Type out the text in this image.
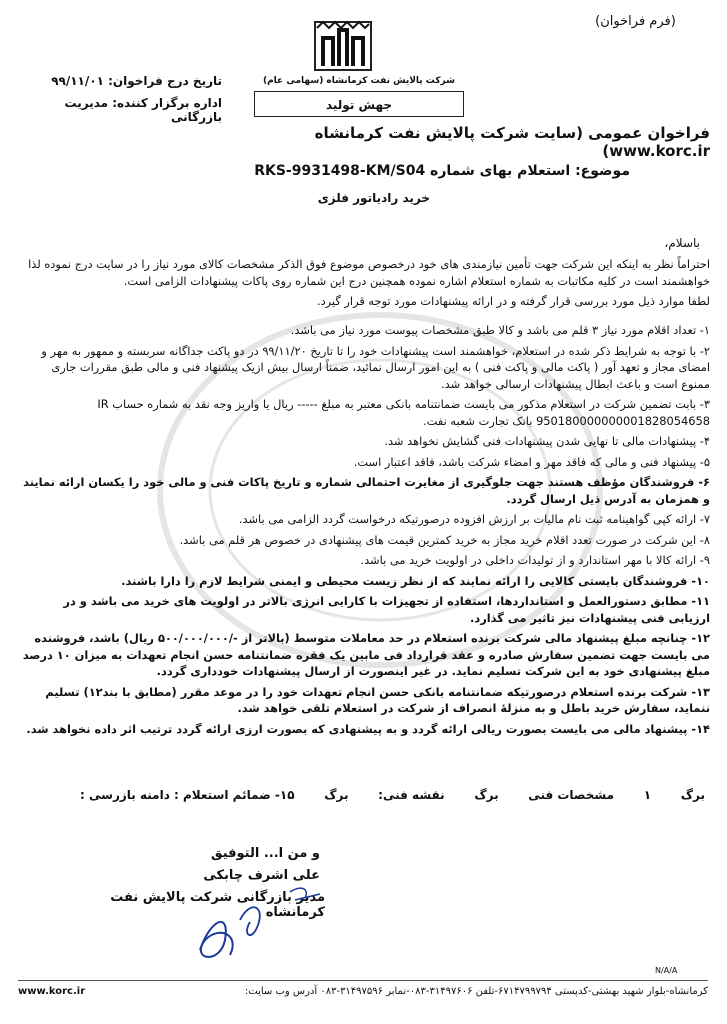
(فرم فراخوان)
شرکت پالایش نفت کرمانشاه (سهامی عام)
جهش تولید
تاریخ درج فراخوان: ۹۹/۱۱/۰۱
اداره برگزار کننده: مدیریت بازرگانی
فراخوان عمومی (سایت شرکت پالایش نفت کرمانشاه www.korc.ir)
موضوع: استعلام بهای شماره RKS-9931498-KM/S04
خرید رادیاتور فلزی
باسلام،

احتراماً نظر به اینکه این شرکت جهت تأمین نیازمندی های خود درخصوص موضوع فوق الذکر مشخصات کالای مورد نیاز را در سایت درج نموده لذا خواهشمند است در کلیه مکاتبات به شماره استعلام اشاره نموده همچنین درج این شماره روی پاکات پیشنهادات الزامی است.

لطفا موارد ذیل مورد بررسی قرار گرفته و در ارائه پیشنهادات مورد توجه قرار گیرد.

۱- تعداد اقلام مورد نیاز ۳ قلم می باشد و کالا طبق مشخصات پیوست مورد نیاز می باشد.

۲- با توجه به شرایط ذکر شده در استعلام، خواهشمند است پیشنهادات خود را تا تاریخ ۹۹/۱۱/۲۰ در دو پاکت جداگانه سربسته و ممهور به مهر و امضای مجاز و تعهد آور ( پاکت مالی و پاکت فنی ) به این امور ارسال نمائید، ضمناً ارسال بیش ازیک پیشنهاد فنی و مالی طبق مقررات جاری ممنوع است و باعث ابطال پیشنهادات ارسالی خواهد شد.

۳- بابت تضمین شرکت در استعلام مذکور می بایست ضمانتنامه بانکی معتبر به مبلغ ----- ریال یا واریز وجه نقد به شماره حساب IR 950180000000001828054658 بانک تجارت شعبه نفت.

۴- پیشنهادات مالی تا نهایی شدن پیشنهادات فنی گشایش نخواهد شد.

۵- پیشنهاد فنی و مالی که فاقد مهر و امضاء شرکت باشد، فاقد اعتبار است.

۶- فروشندگان مؤظف هستند جهت جلوگیری از مغایرت احتمالی شماره و تاریخ پاکات فنی و مالی خود را یکسان ارائه نمایند و همزمان به آدرس ذیل ارسال گردد.

۷- ارائه کپی گواهینامه ثبت نام مالیات بر ارزش افزوده درصورتیکه درخواست گردد الزامی می باشد.

۸- این شرکت در صورت تعدد اقلام خرید مجاز به خرید کمترین قیمت های پیشنهادی در خصوص هر قلم می باشد.

۹- ارائه کالا با مهر استاندارد و از تولیدات داخلی در اولویت خرید می باشد.

۱۰- فروشندگان بایستی کالایی را ارائه نمایند که از نظر زیست محیطی و ایمنی شرایط لازم را دارا باشند.

۱۱- مطابق دستورالعمل و استانداردها، استفاده از تجهیزات با کارایی انرژی بالاتر در اولویت های خرید می باشد و در ارزیابی فنی پیشنهادات نیز تاثیر می گذارد.

۱۲- چنانچه مبلغ پیشنهاد مالی شرکت برنده استعلام در حد معاملات متوسط (بالاتر از -/۵۰۰/۰۰۰/۰۰۰ ریال) باشد، فروشنده می بایست جهت تضمین سفارش صادره و عقد قرارداد فی مابین یک فقره ضمانتنامه حسن انجام تعهدات به میزان ۱۰ درصد مبلغ پیشنهادی خود به این شرکت تسلیم نماید. در غیر اینصورت از ارسال پیشنهادات خودداری گردد.

۱۳- شرکت برنده استعلام درصورتیکه ضمانتنامه بانکی حسن انجام تعهدات خود را در موعد مقرر (مطابق با بند۱۲) تسلیم ننماید، سفارش خرید باطل و به منزلهٔ انصراف از شرکت در استعلام تلقی خواهد شد.

۱۴- پیشنهاد مالی می بایست بصورت ریالی ارائه گردد و به پیشنهادی که بصورت ارزی ارائه گردد ترتیب اثر داده نخواهد شد.

۱۵- ضمائم استعلام : دامنه بازرسی : برگ نقشه فنی: برگ مشخصات فنی ۱ برگ
و من ا... التوفیق
علی اشرف چابکی
مدیر بازرگانی شرکت پالایش نفت کرمانشاه
N/A/A
www.korc.ir	کرمانشاه-بلوار شهید بهشتی-کدپستی ۶۷۱۴۷۹۹۷۹۴-تلفن ۳۱۴۹۷۶۰۶-۰۸۳-نمابر ۳۱۴۹۷۵۹۶-۰۸۳ آدرس وب سایت:
